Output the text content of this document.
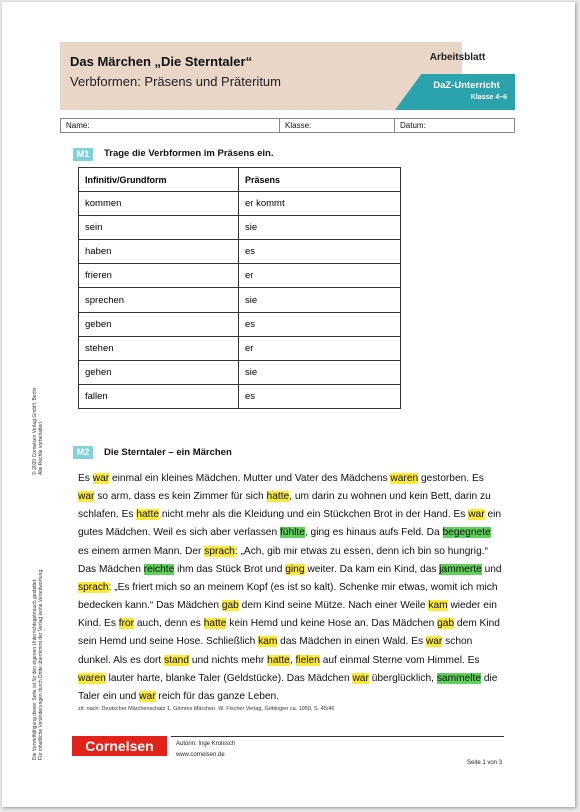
Das Märchen „Die Sterntaler“
Verbformen: Präsens und Präteritum
Arbeitsblatt
DaZ-Unterricht
Klasse 4–6
Name:	Klasse:	Datum:
M1	Trage die Verbformen im Präsens ein.
Infinitiv/Grundform	Präsens
kommen	er kommt
sein	sie
haben	es
frieren	er
sprechen	sie
geben	es
stehen	er
gehen	sie
fallen	es
M2	Die Sterntaler – ein Märchen

Es war einmal ein kleines Mädchen. Mutter und Vater des Mädchens waren gestorben. Es war so arm, dass es kein Zimmer für sich hatte, um darin zu wohnen und kein Bett, darin zu schlafen. Es hatte nicht mehr als die Kleidung und ein Stückchen Brot in der Hand. Es war ein gutes Mädchen. Weil es sich aber verlassen fühlte, ging es hinaus aufs Feld. Da begegnete es einem armen Mann. Der sprach: „Ach, gib mir etwas zu essen, denn ich bin so hungrig.“ Das Mädchen reichte ihm das Stück Brot und ging weiter. Da kam ein Kind, das jammerte und sprach: „Es friert mich so an meinem Kopf (es ist so kalt). Schenke mir etwas, womit ich mich bedecken kann.“ Das Mädchen gab dem Kind seine Mütze. Nach einer Weile kam wieder ein Kind. Es fror auch, denn es hatte kein Hemd und keine Hose an. Das Mädchen gab dem Kind sein Hemd und seine Hose. Schließlich kam das Mädchen in einen Wald. Es war schon dunkel. Als es dort stand und nichts mehr hatte, fielen auf einmal Sterne vom Himmel. Es waren lauter harte, blanke Taler (Geldstücke). Das Mädchen war überglücklich, sammelte die Taler ein und war reich für das ganze Leben.

zit. nach: Deutscher Märchenschatz 1, Grimms Märchen. W. Fischer Verlag, Göttingen ca. 1950, S. 45/46
Cornelsen	Autorin: Inge Kronisch
www.cornelsen.de
Seite 1 von 3
© 2020 Cornelsen Verlag GmbH, Berlin Alle Rechte vorbehalten.
Die Vervielfältigung dieser Seite ist für den eigenen Unterrichtsgebrauch gestattet. Für inhaltliche Veränderungen durch Dritte übernimmt der Verlag keine Verantwortung.
